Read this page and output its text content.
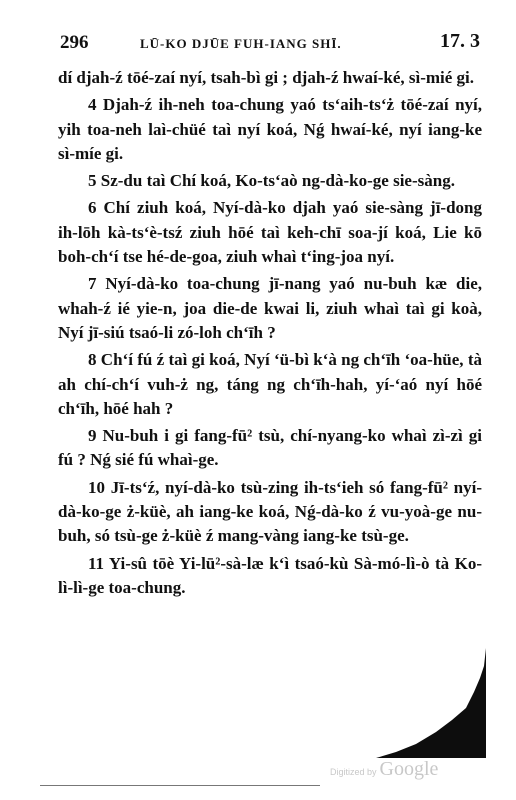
296	LŪ-KO DJŪE FUH-IANG SHĪ.	17. 3

dí djah-ź tōé-zaí nyí, tsah-bì gi ; djah-ź hwaí-ké, sì-mié gi.

4 Djah-ź ih-neh toa-chung yaó ts‘aih-ts‘ż tōé-zaí nyí, yih toa-neh laì-chüé taì nyí koá, Nǵ hwaí-ké, nyí iang-ke sì-míe gi.

5 Sz-du taì Chí koá, Ko-ts‘aò ng-dà-ko-ge sie-sàng.

6 Chí ziuh koá, Nyí-dà-ko djah yaó sie-sàng jī-dong ih-lōh kà-ts‘è-tsź ziuh hōé taì keh-chī soa-jí koá, Lie kō boh-ch‘í tse hé-de-goa, ziuh whaì t‘ing-joa nyí.

7 Nyí-dà-ko toa-chung jī-nang yaó nu-buh kæ die, whah-ź ié yie-n, joa die-de kwai li, ziuh whaì taì gi koà, Nyí jī-siú tsaó-li zó-loh ch‘īh ?

8 Ch‘í fú ź taì gi koá, Nyí ‘ü-bì k‘à ng ch‘īh ‘oa-hüe, tà ah chí-ch‘í vuh-ż ng, táng ng ch‘īh-hah, yí-‘aó nyí hōé ch‘īh, hōé hah ?

9 Nu-buh i gi fang-fū² tsù, chí-nyang-ko whaì zì-zì gi fú ? Nǵ sié fú whaì-ge.

10 Jī-ts‘ź, nyí-dà-ko tsù-zing ih-ts‘ieh só fang-fū² nyí-dà-ko-ge ż-küè, ah iang-ke koá, Nǵ-dà-ko ź vu-yoà-ge nu-buh, só tsù-ge ż-küè ź mang-vàng iang-ke tsù-ge.

11 Yi-sû tōè Yi-lū²-sà-læ k‘ì tsaó-kù Sà-mó-lì-ò tà Ko-lì-lì-ge toa-chung.

Digitized by Google
